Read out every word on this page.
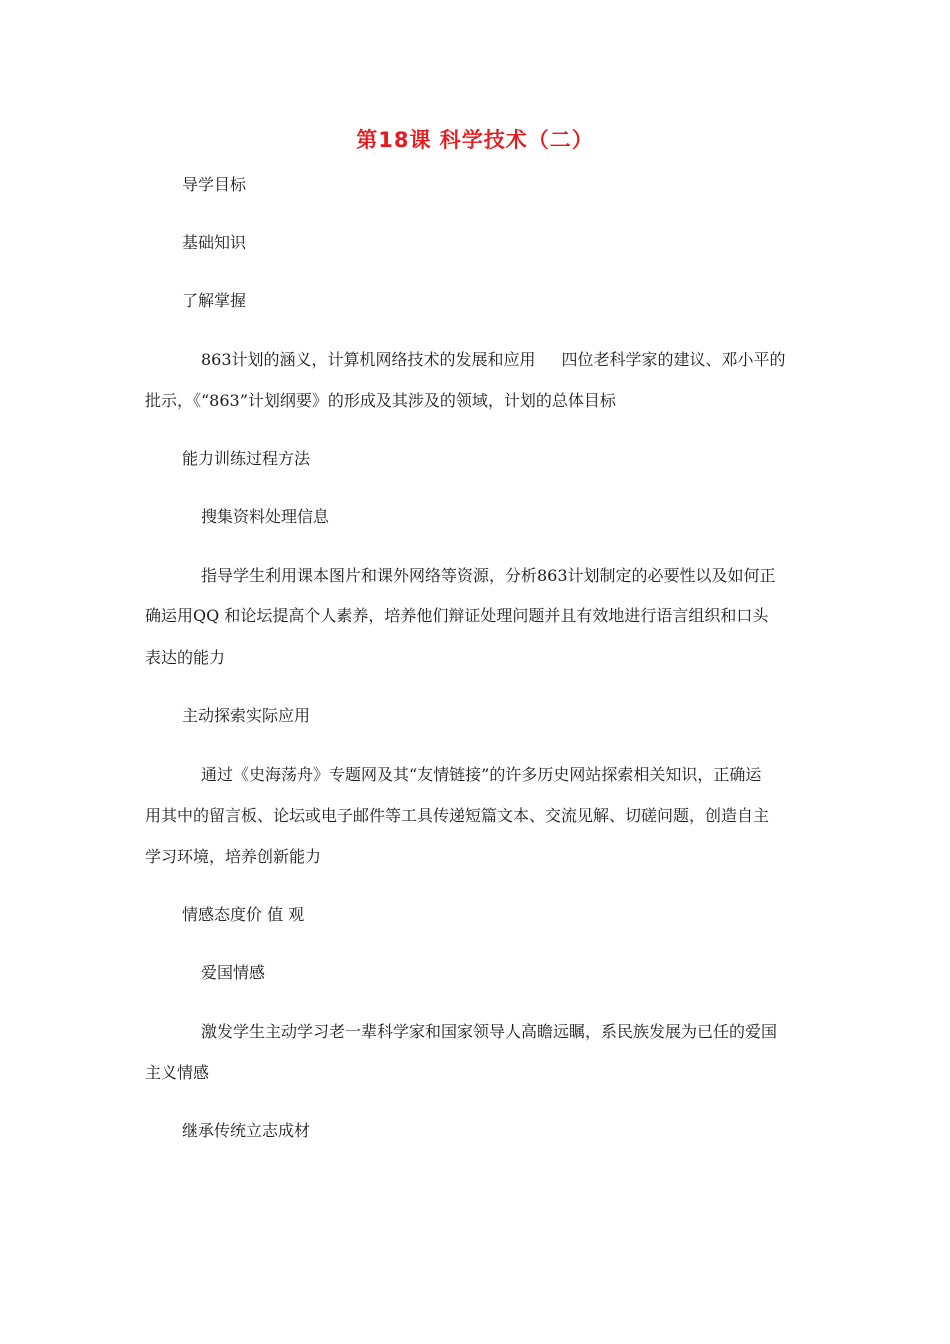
第18课 科学技术（二）
导学目标
基础知识
了解掌握
863计划的涵义，计算机网络技术的发展和应用 四位老科学家的建议、邓小平的
批示，《“863”计划纲要》的形成及其涉及的领域，计划的总体目标
能力训练过程方法
搜集资料处理信息
指导学生利用课本图片和课外网络等资源，分析863计划制定的必要性以及如何正
确运用QQ 和论坛提高个人素养，培养他们辩证处理问题并且有效地进行语言组织和口头
表达的能力
主动探索实际应用
通过《史海荡舟》专题网及其“友情链接”的许多历史网站探索相关知识，正确运
用其中的留言板、论坛或电子邮件等工具传递短篇文本、交流见解、切磋问题，创造自主
学习环境，培养创新能力
情感态度价 值 观
爱国情感
激发学生主动学习老一辈科学家和国家领导人高瞻远瞩，系民族发展为已任的爱国
主义情感
继承传统立志成材
